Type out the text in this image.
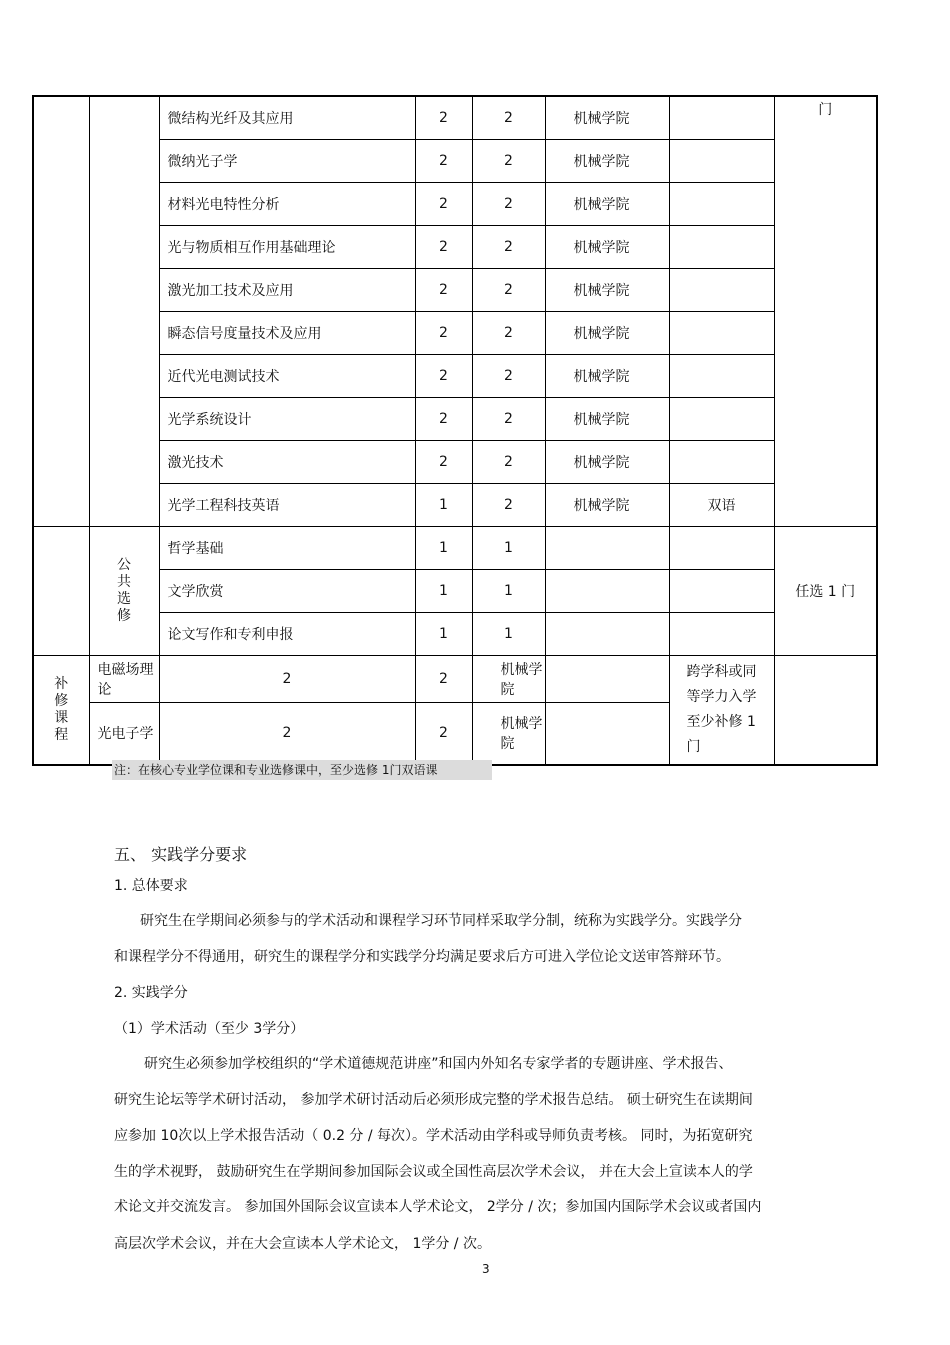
		微结构光纤及其应用	2	2	机械学院		门
		微纳光子学	2	2	机械学院		
		材料光电特性分析	2	2	机械学院		
		光与物质相互作用基础理论	2	2	机械学院		
		激光加工技术及应用	2	2	机械学院		
		瞬态信号度量技术及应用	2	2	机械学院		
		近代光电测试技术	2	2	机械学院		
		光学系统设计	2	2	机械学院		
		激光技术	2	2	机械学院		
		光学工程科技英语	1	2	机械学院	双语	
	公共选修	哲学基础	1	1			任选 1 门
		文学欣赏	1	1			
		论文写作和专利申报	1	1			
补修课程	电磁场理论	2	2	机械学院		跨学科或同等学力入学至少补修 1 门	
	光电子学	2	2	机械学院			
注：在核心专业学位课和专业选修课中，至少选修 1门双语课
五、 实践学分要求
1. 总体要求
研究生在学期间必须参与的学术活动和课程学习环节同样采取学分制，统称为实践学分。实践学分
和课程学分不得通用，研究生的课程学分和实践学分均满足要求后方可进入学位论文送审答辩环节。
2. 实践学分
（1）学术活动（至少 3学分）
研究生必须参加学校组织的“学术道德规范讲座”和国内外知名专家学者的专题讲座、学术报告、
研究生论坛等学术研讨活动， 参加学术研讨活动后必须形成完整的学术报告总结。 硕士研究生在读期间
应参加 10次以上学术报告活动（ 0.2 分 / 每次）。学术活动由学科或导师负责考核。 同时，为拓宽研究
生的学术视野， 鼓励研究生在学期间参加国际会议或全国性高层次学术会议， 并在大会上宣读本人的学
术论文并交流发言。 参加国外国际会议宣读本人学术论文， 2学分 / 次；参加国内国际学术会议或者国内
高层次学术会议，并在大会宣读本人学术论文， 1学分 / 次。
3
